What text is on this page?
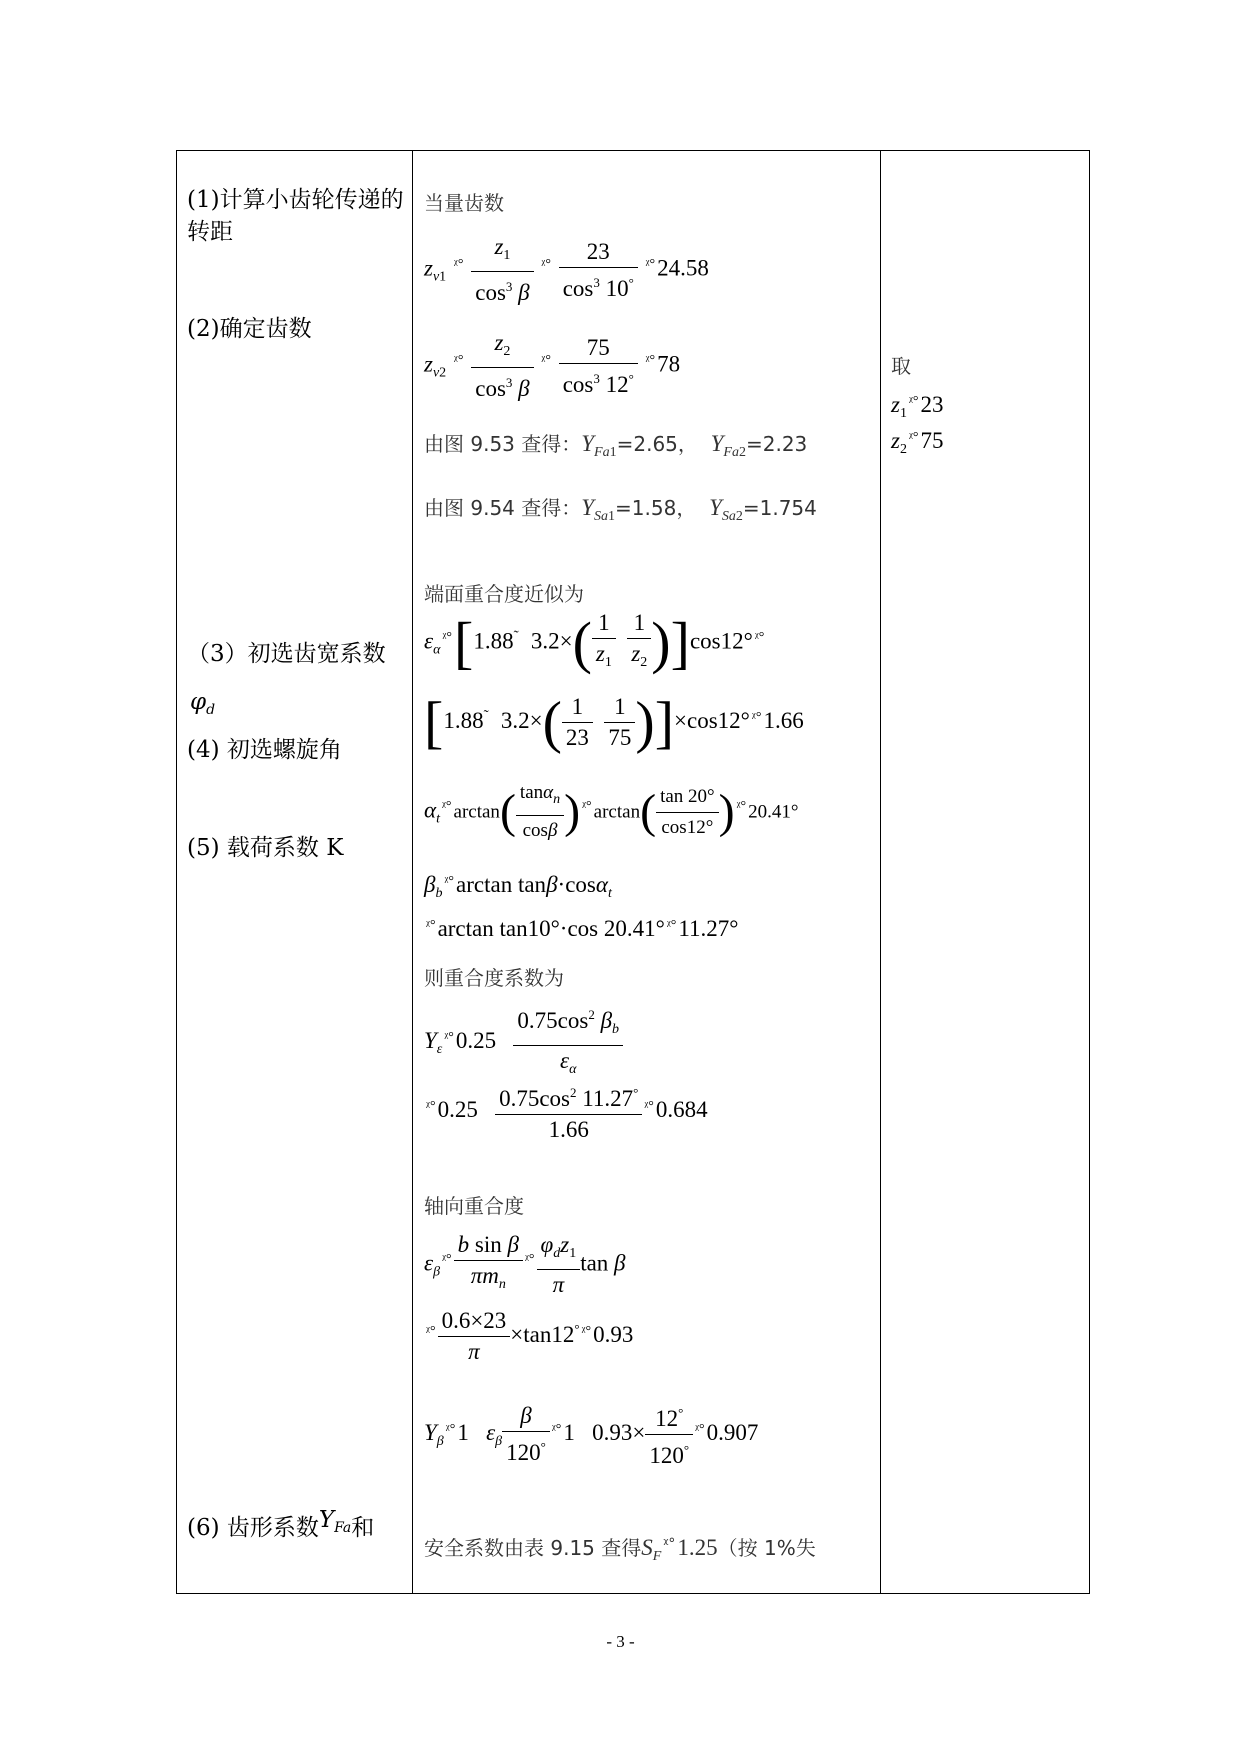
(1)计算小齿轮传递的转距
(2)确定齿数
（3）初选齿宽系数
$\varphi_d$
(4) 初选螺旋角
(5) 载荷系数 K
(6) 齿形系数$Y^{Fa}$和
当量齿数
$z_{v1}$ $^{ᵡ^\circ} \frac{z_1}{\cos^3 \beta} ^{ᵡ^\circ} \frac{23}{\cos^3 10^\circ} ^{ᵡ^\circ}24.58$
$z_{v2}$ $^{ᵡ^\circ} \frac{z_2}{\cos^3 \beta} ^{ᵡ^\circ} \frac{75}{\cos^3 12^\circ} ^{ᵡ^\circ}78$
由图 9.53 查得：$Y_{Fa1}=2.65$， $Y_{Fa2}=2.23$
由图 9.54 查得：$Y_{Sa1}=1.58$， $Y_{Sa2}=1.754$
端面重合度近似为
$\varepsilon_\alpha^{ᵡ^\circ}[1.88$   $3.2\times( \frac{1}{z_1}$
$\frac{1}{z_2} )]\cos 12^\circ$ $^{ᵡ^\circ}$
[1.88   $3.2\times( \frac{1}{23}$
$\frac{1}{75} )]\times\cos 12^\circ$ $^{ᵡ^\circ}$1.66
$\alpha_t^{ᵡ^\circ}$ $\arctan( \frac{\tan\alpha_n}{\cos\beta}$ ) $^{ᵡ^\circ}$ $\arctan( \frac{\tan 20^\circ}{\cos 12^\circ}$ ) $^{ᵡ^\circ}$ 20.41°
$\beta_b^{ᵡ^\circ}\arctan$ tanβ·cosα$_t$
$^{ᵡ^\circ}$arctan tan10°·cos 20.41° $^{ᵡ^\circ}$11.27°
则重合度系数为
$Y_\varepsilon^{ᵡ^\circ}0.25 \frac{0.75\cos^2 \beta_b}{\varepsilon_\alpha}$
$^{ᵡ^\circ}0.25 \frac{0.75\cos^2 11.27^\circ}{1.66} ^{ᵡ^\circ}0.684$
轴向重合度
$\varepsilon_\beta^{ᵡ^\circ} \frac{\text{b sin β}}{\pi m_n} ^{ᵡ^\circ} \frac{\varphi_dz_1}{\pi}$ tan β
$^{ᵡ^\circ} \frac{0.6\times 23}{\pi} \times\tan 12^\circ$ $^{ᵡ^\circ}$0.93
$Y_\beta^{ᵡ^\circ}1$   $\varepsilon_\beta \frac{\beta}{120^\circ} ^{ᵡ^\circ}1$   $0.93\times \frac{12^\circ}{120^\circ} ^{ᵡ^\circ}0.907$
安全系数由表 9.15 查得$S_F^{ᵡ^\circ}1.25$（按 1%失
取
$z_1^{ᵡ^\circ}23$
$z_2^{ᵡ^\circ}75$
- 3 -
